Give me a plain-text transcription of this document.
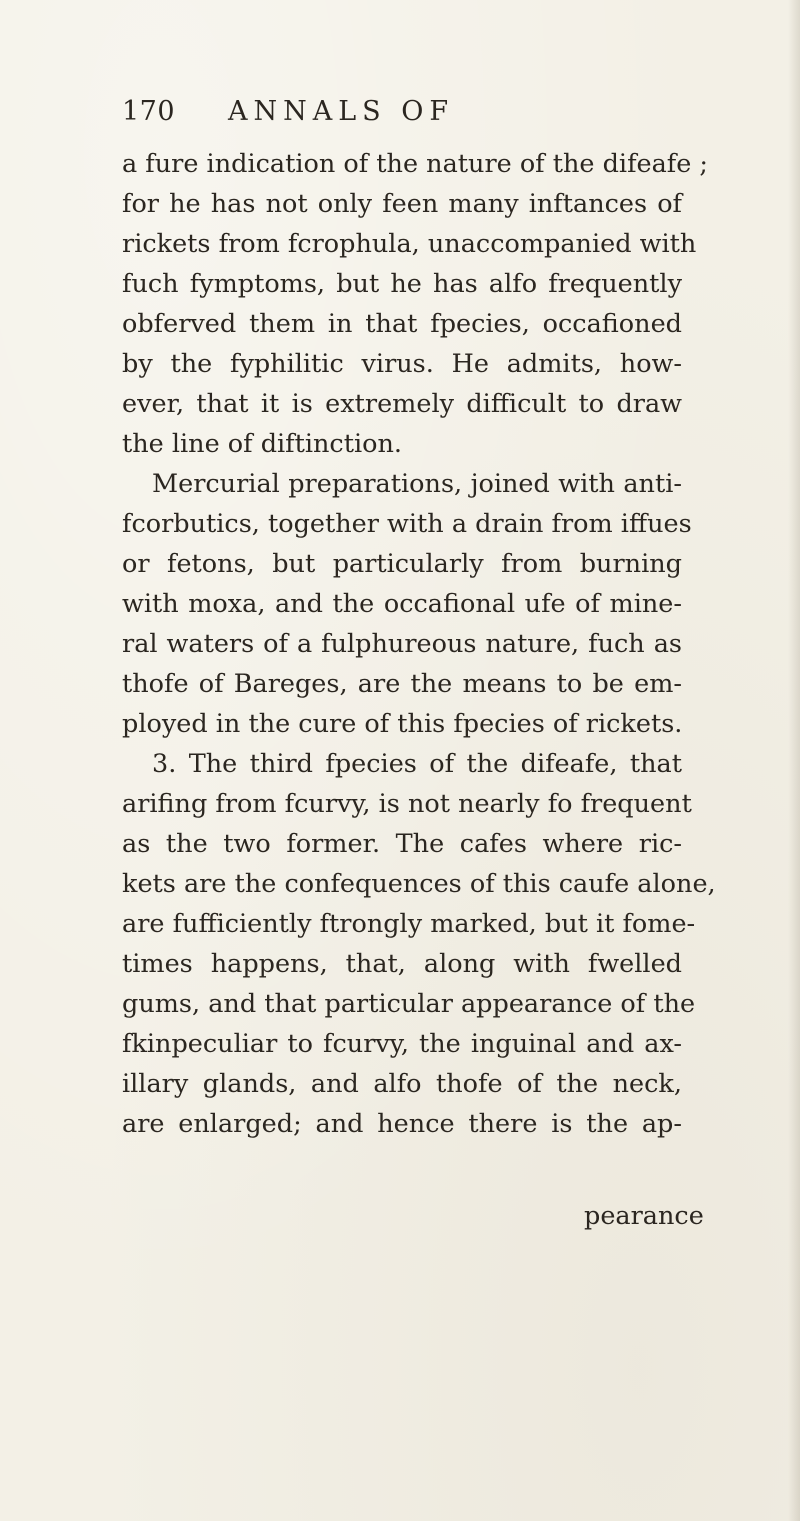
170	ANNALS OF
a fure indication of the nature of the difeafe ;
for he has not only feen many inftances of
rickets from fcrophula, unaccompanied with
fuch fymptoms, but he has alfo frequently
obferved them in that fpecies, occafioned
by the fyphilitic virus. He admits, how-
ever, that it is extremely difficult to draw
the line of diftinction.
Mercurial preparations, joined with anti-
fcorbutics, together with a drain from iffues
or fetons, but particularly from burning
with moxa, and the occafional ufe of mine-
ral waters of a fulphureous nature, fuch as
thofe of Bareges, are the means to be em-
ployed in the cure of this fpecies of rickets.
3. The third fpecies of the difeafe, that
arifing from fcurvy, is not nearly fo frequent
as the two former. The cafes where ric-
kets are the confequences of this caufe alone,
are fufficiently ftrongly marked, but it fome-
times happens, that, along with fwelled
gums, and that particular appearance of the
fkinpeculiar to fcurvy, the inguinal and ax-
illary glands, and alfo thofe of the neck,
are enlarged; and hence there is the ap-
pearance
